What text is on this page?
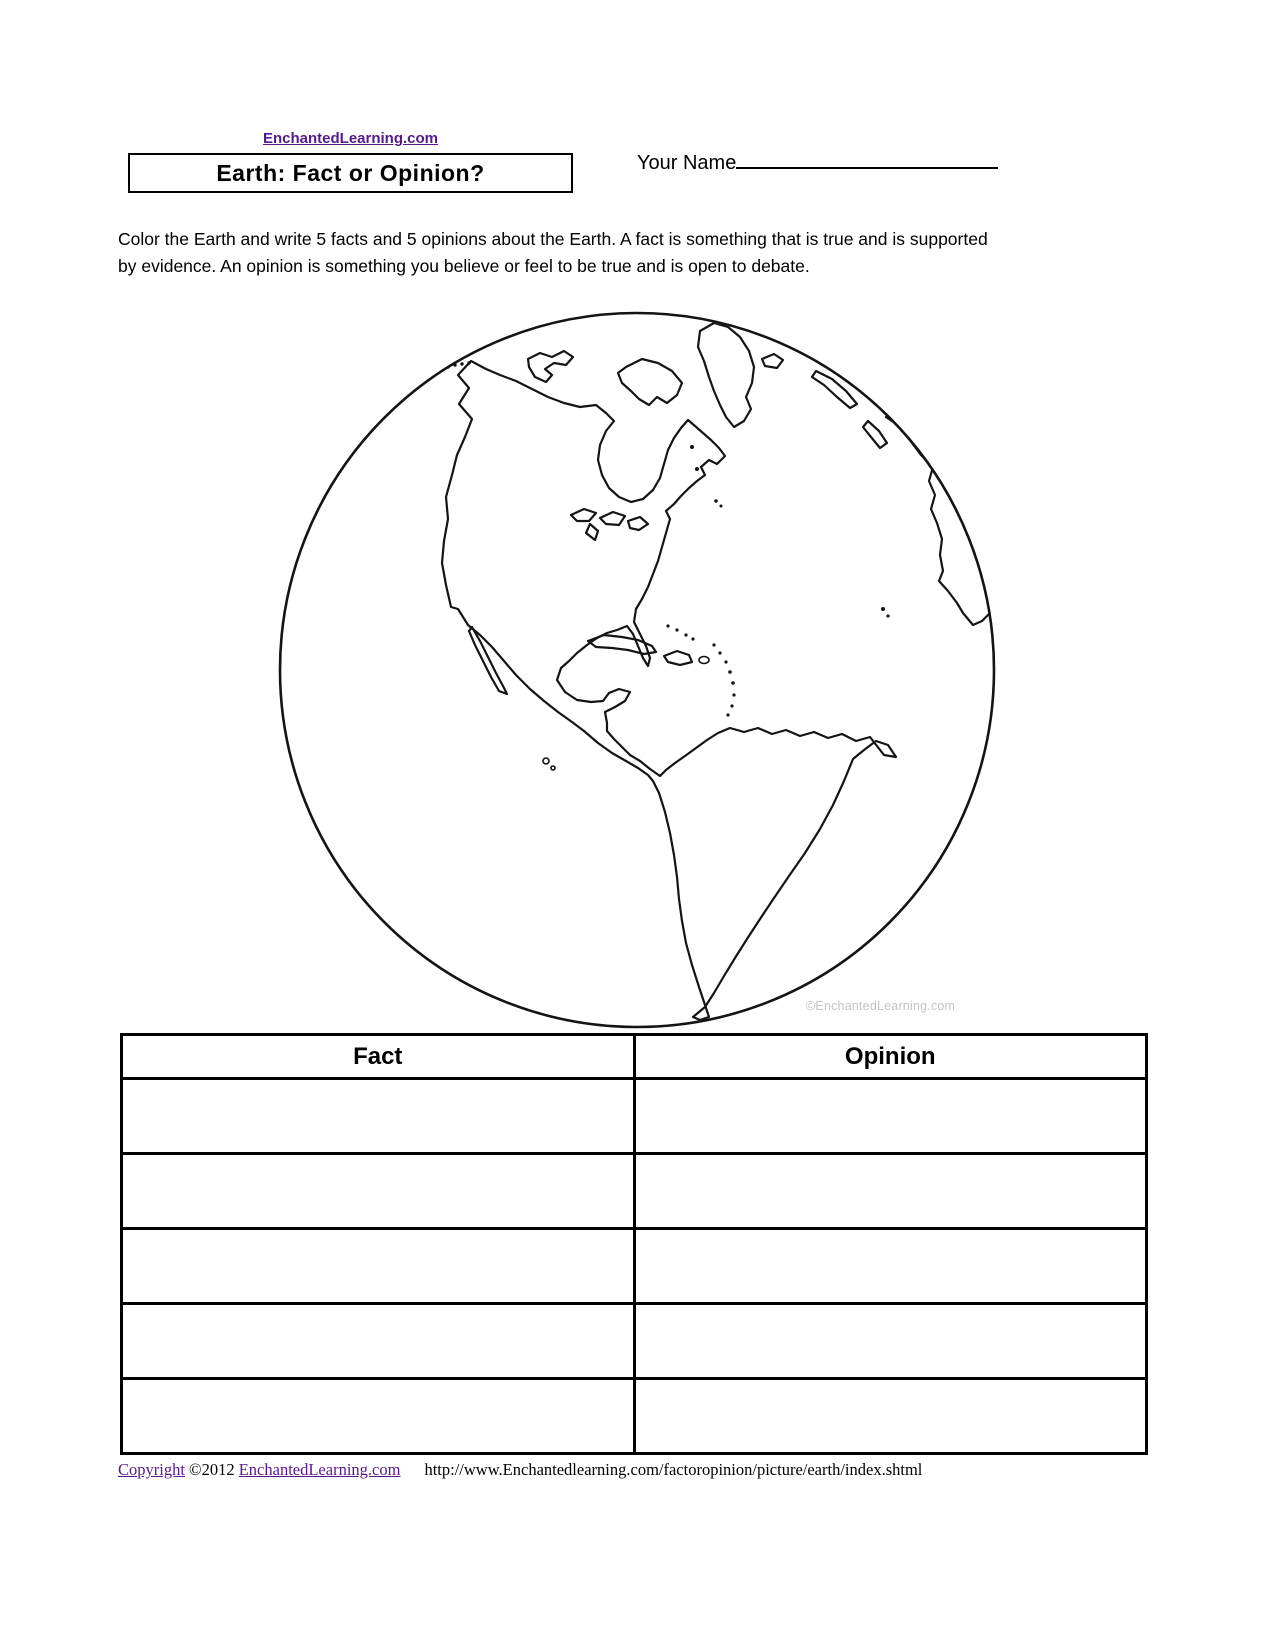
EnchantedLearning.com
Earth: Fact or Opinion?	Your Name
Color the Earth and write 5 facts and 5 opinions about the Earth. A fact is something that is true and is supported
by evidence. An opinion is something you believe or feel to be true and is open to debate.
©EnchantedLearning.com
Fact	Opinion
Copyright ©2012 EnchantedLearning.com http://www.Enchantedlearning.com/factoropinion/picture/earth/index.shtml
